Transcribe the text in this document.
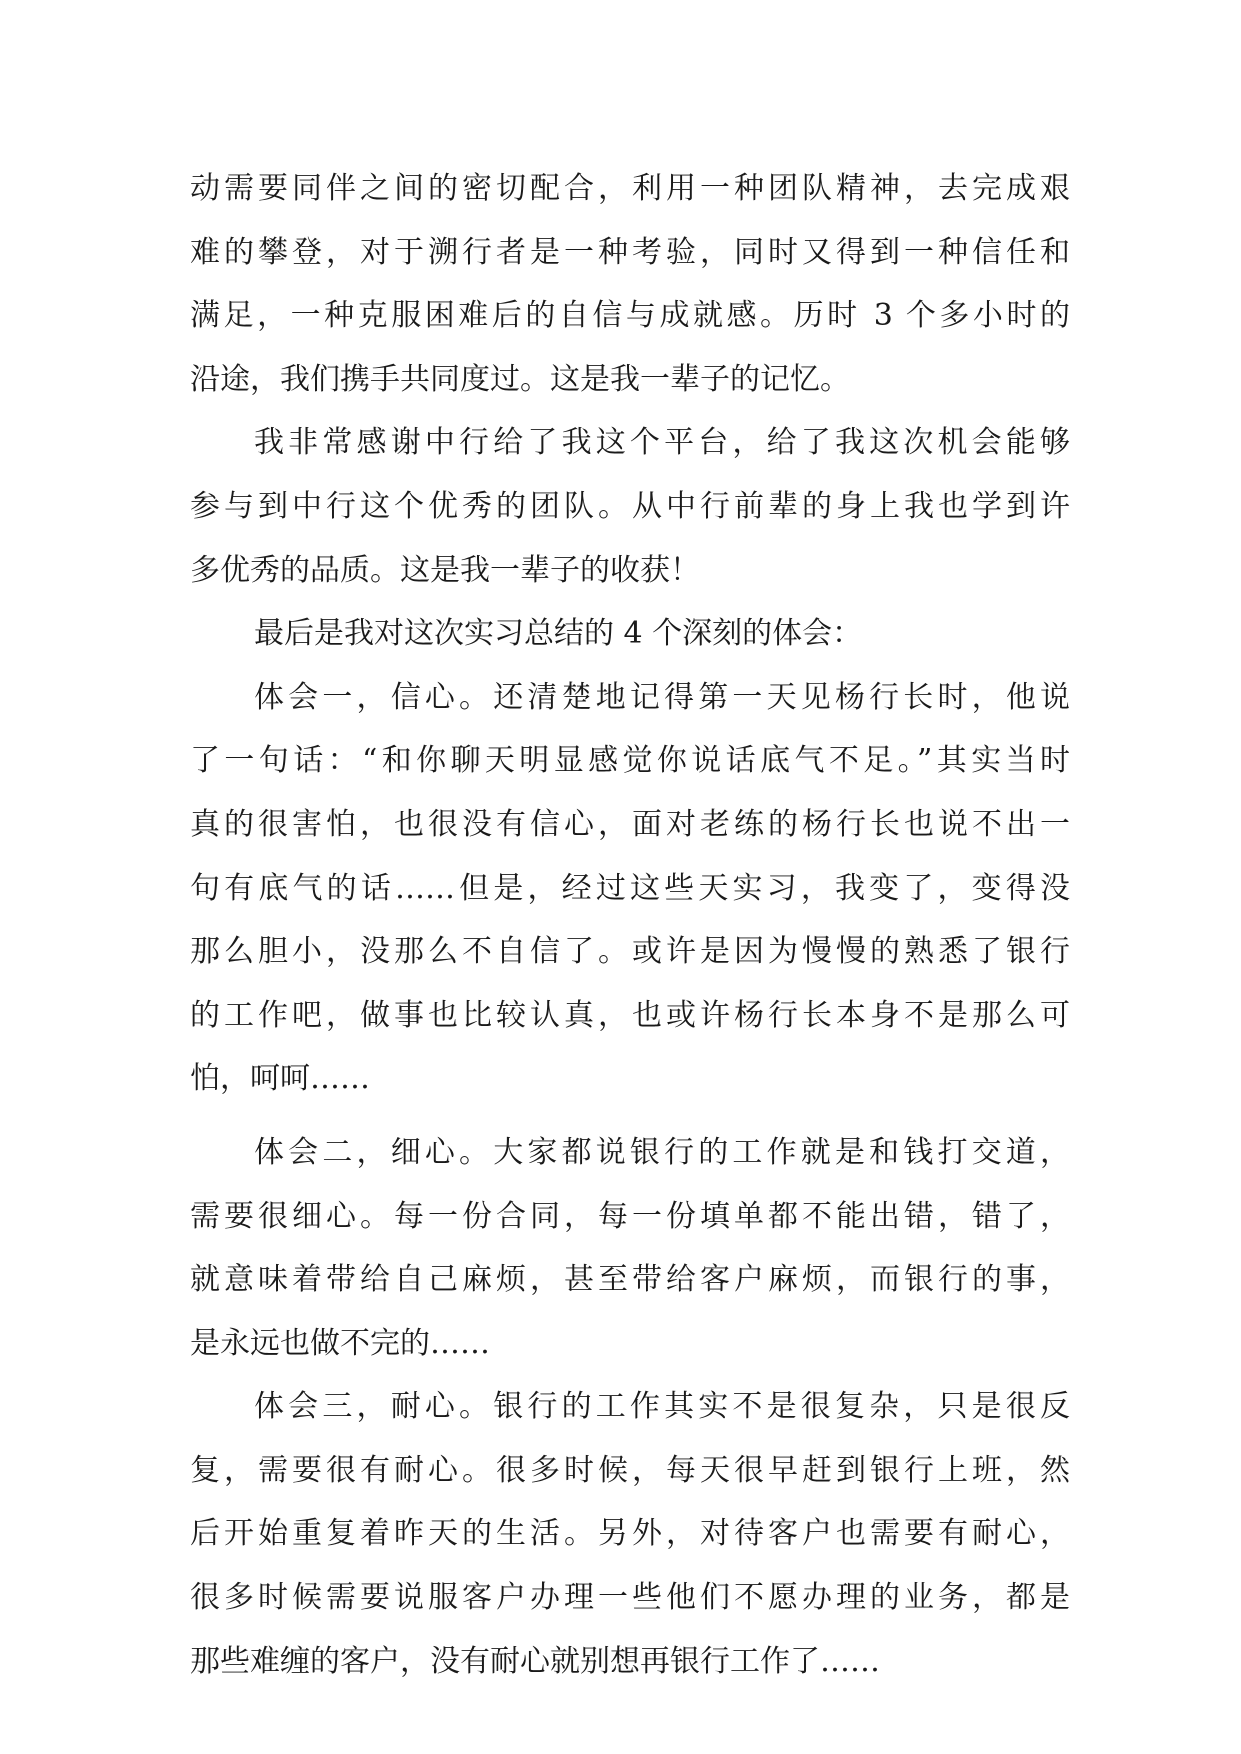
动需要同伴之间的密切配合，利用一种团队精神，去完成艰
难的攀登，对于溯行者是一种考验，同时又得到一种信任和
满足，一种克服困难后的自信与成就感。历时 3 个多小时的
沿途，我们携手共同度过。这是我一辈子的记忆。
我非常感谢中行给了我这个平台，给了我这次机会能够
参与到中行这个优秀的团队。从中行前辈的身上我也学到许
多优秀的品质。这是我一辈子的收获！
最后是我对这次实习总结的 4 个深刻的体会：
体会一，信心。还清楚地记得第一天见杨行长时，他说
了一句话：“和你聊天明显感觉你说话底气不足。”其实当时
真的很害怕，也很没有信心，面对老练的杨行长也说不出一
句有底气的话……但是，经过这些天实习，我变了，变得没
那么胆小，没那么不自信了。或许是因为慢慢的熟悉了银行
的工作吧，做事也比较认真，也或许杨行长本身不是那么可
怕，呵呵……
体会二，细心。大家都说银行的工作就是和钱打交道，
需要很细心。每一份合同，每一份填单都不能出错，错了，
就意味着带给自己麻烦，甚至带给客户麻烦，而银行的事，
是永远也做不完的……
体会三，耐心。银行的工作其实不是很复杂，只是很反
复，需要很有耐心。很多时候，每天很早赶到银行上班，然
后开始重复着昨天的生活。另外，对待客户也需要有耐心，
很多时候需要说服客户办理一些他们不愿办理的业务，都是
那些难缠的客户，没有耐心就别想再银行工作了……
